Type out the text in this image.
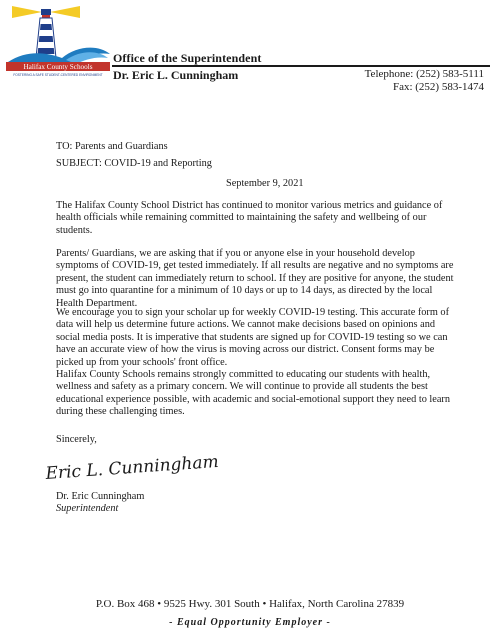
Halifax County Schools
FOSTERING A SAFE STUDENT-CENTERED ENVIRONMENT
Office of the Superintendent
Dr. Eric L. Cunningham	Telephone: (252) 583-5111
Fax: (252) 583-1474
TO: Parents and Guardians
SUBJECT: COVID-19 and Reporting
September 9, 2021

The Halifax County School District has continued to monitor various metrics and guidance of health officials while remaining committed to maintaining the safety and wellbeing of our students.

Parents/ Guardians, we are asking that if you or anyone else in your household develop symptoms of COVID-19, get tested immediately. If all results are negative and no symptoms are present, the student can immediately return to school. If they are positive for anyone, the student must go into quarantine for a minimum of 10 days or up to 14 days, as directed by the local Health Department.

We encourage you to sign your scholar up for weekly COVID-19 testing. This accurate form of data will help us determine future actions. We cannot make decisions based on opinions and social media posts. It is imperative that students are signed up for COVID-19 testing so we can have an accurate view of how the virus is moving across our district. Consent forms may be picked up from your schools' front office.

Halifax County Schools remains strongly committed to educating our students with health, wellness and safety as a primary concern. We will continue to provide all students the best educational experience possible, with academic and social-emotional support they need to learn during these challenging times.

Sincerely,
Eric L. Cunningham
Dr. Eric Cunningham
Superintendent
P.O. Box 468 • 9525 Hwy. 301 South • Halifax, North Carolina 27839
- Equal Opportunity Employer -
